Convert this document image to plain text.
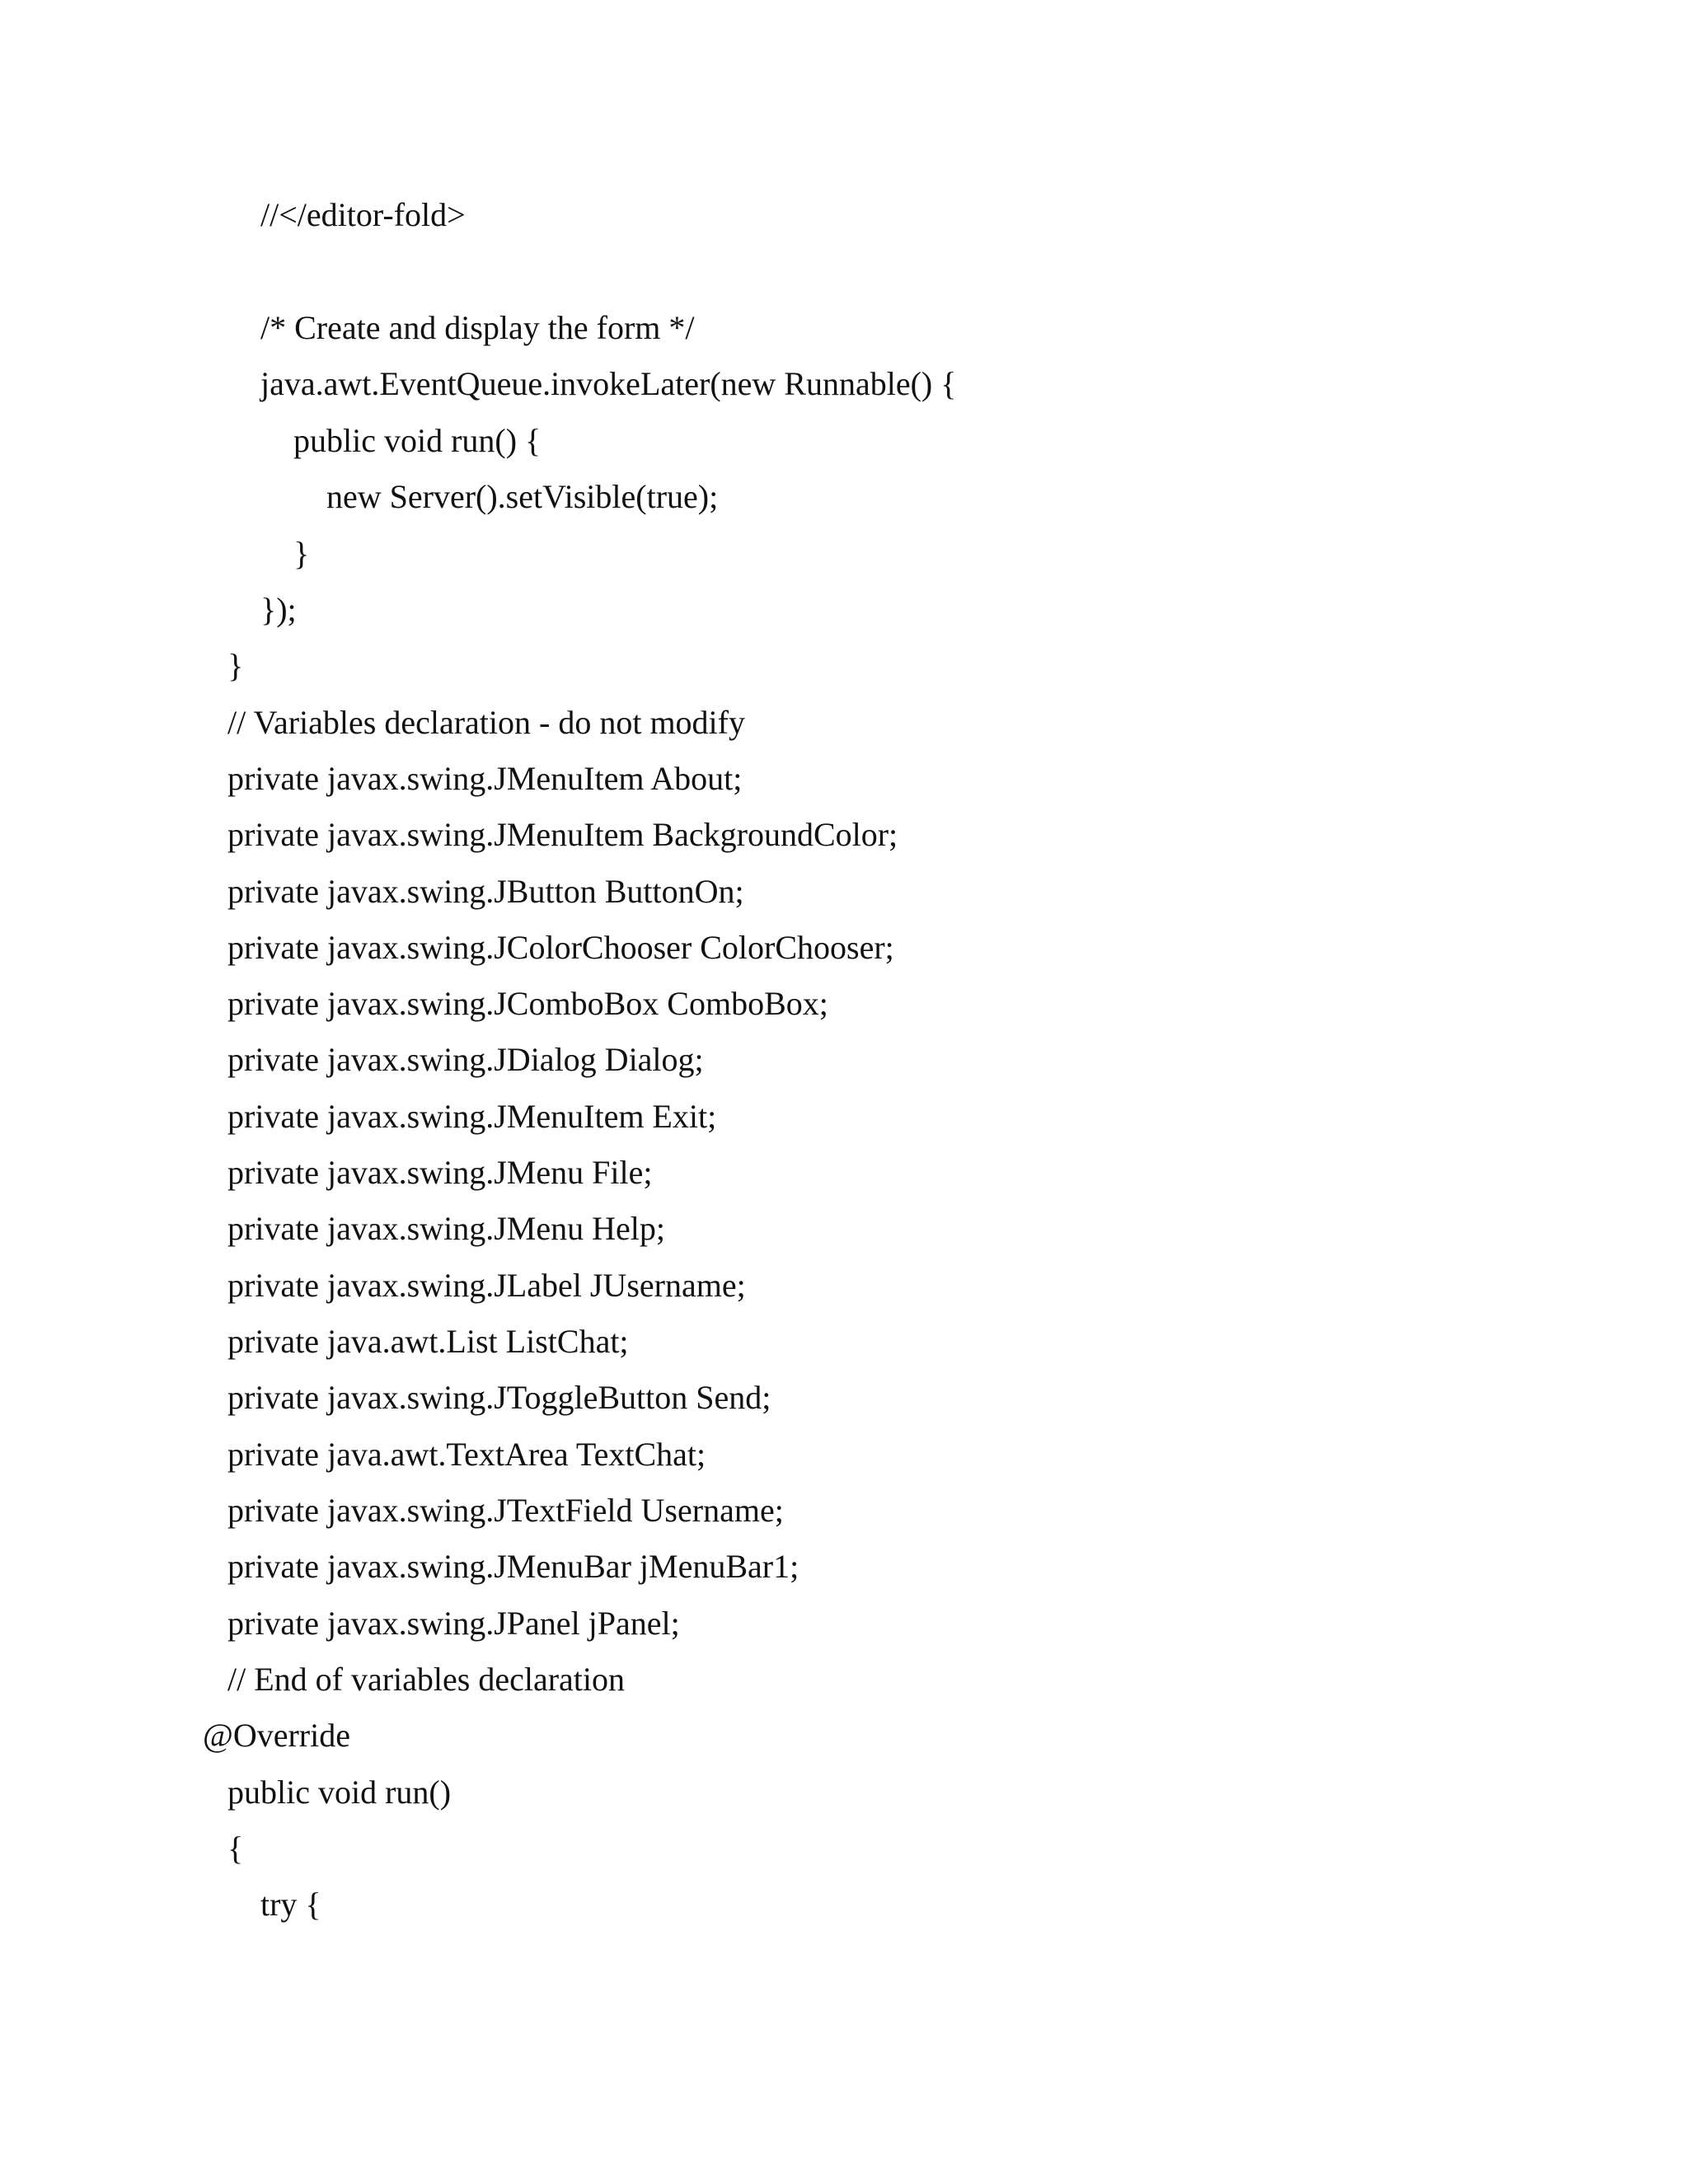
//</editor-fold>
/* Create and display the form */
java.awt.EventQueue.invokeLater(new Runnable() {
public void run() {
new Server().setVisible(true);
}
});
}
// Variables declaration - do not modify
private javax.swing.JMenuItem About;
private javax.swing.JMenuItem BackgroundColor;
private javax.swing.JButton ButtonOn;
private javax.swing.JColorChooser ColorChooser;
private javax.swing.JComboBox ComboBox;
private javax.swing.JDialog Dialog;
private javax.swing.JMenuItem Exit;
private javax.swing.JMenu File;
private javax.swing.JMenu Help;
private javax.swing.JLabel JUsername;
private java.awt.List ListChat;
private javax.swing.JToggleButton Send;
private java.awt.TextArea TextChat;
private javax.swing.JTextField Username;
private javax.swing.JMenuBar jMenuBar1;
private javax.swing.JPanel jPanel;
// End of variables declaration
@Override
public void run()
{
try {
